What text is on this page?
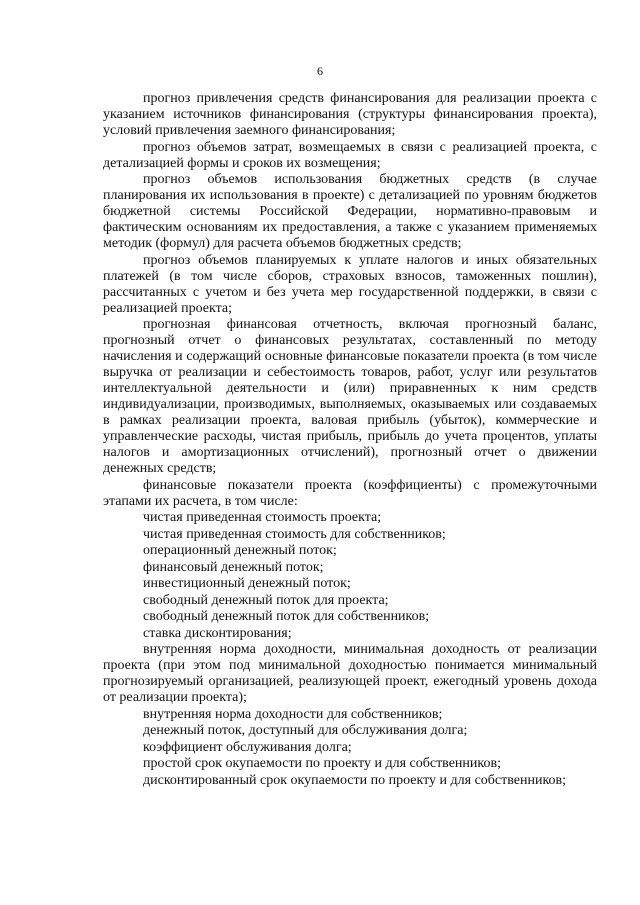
6

прогноз привлечения средств финансирования для реализации проекта с указанием источников финансирования (структуры финансирования проекта), условий привлечения заемного финансирования;

прогноз объемов затрат, возмещаемых в связи с реализацией проекта, с детализацией формы и сроков их возмещения;

прогноз объемов использования бюджетных средств (в случае планирования их использования в проекте) с детализацией по уровням бюджетов бюджетной системы Российской Федерации, нормативно-правовым и фактическим основаниям их предоставления, а также с указанием применяемых методик (формул) для расчета объемов бюджетных средств;

прогноз объемов планируемых к уплате налогов и иных обязательных платежей (в том числе сборов, страховых взносов, таможенных пошлин), рассчитанных с учетом и без учета мер государственной поддержки, в связи с реализацией проекта;

прогнозная финансовая отчетность, включая прогнозный баланс, прогнозный отчет о финансовых результатах, составленный по методу начисления и содержащий основные финансовые показатели проекта (в том числе выручка от реализации и себестоимость товаров, работ, услуг или результатов интеллектуальной деятельности и (или) приравненных к ним средств индивидуализации, производимых, выполняемых, оказываемых или создаваемых в рамках реализации проекта, валовая прибыль (убыток), коммерческие и управленческие расходы, чистая прибыль, прибыль до учета процентов, уплаты налогов и амортизационных отчислений), прогнозный отчет о движении денежных средств;

финансовые показатели проекта (коэффициенты) с промежуточными этапами их расчета, в том числе:

чистая приведенная стоимость проекта;

чистая приведенная стоимость для собственников;

операционный денежный поток;

финансовый денежный поток;

инвестиционный денежный поток;

свободный денежный поток для проекта;

свободный денежный поток для собственников;

ставка дисконтирования;

внутренняя норма доходности, минимальная доходность от реализации проекта (при этом под минимальной доходностью понимается минимальный прогнозируемый организацией, реализующей проект, ежегодный уровень дохода от реализации проекта);

внутренняя норма доходности для собственников;

денежный поток, доступный для обслуживания долга;

коэффициент обслуживания долга;

простой срок окупаемости по проекту и для собственников;

дисконтированный срок окупаемости по проекту и для собственников;
